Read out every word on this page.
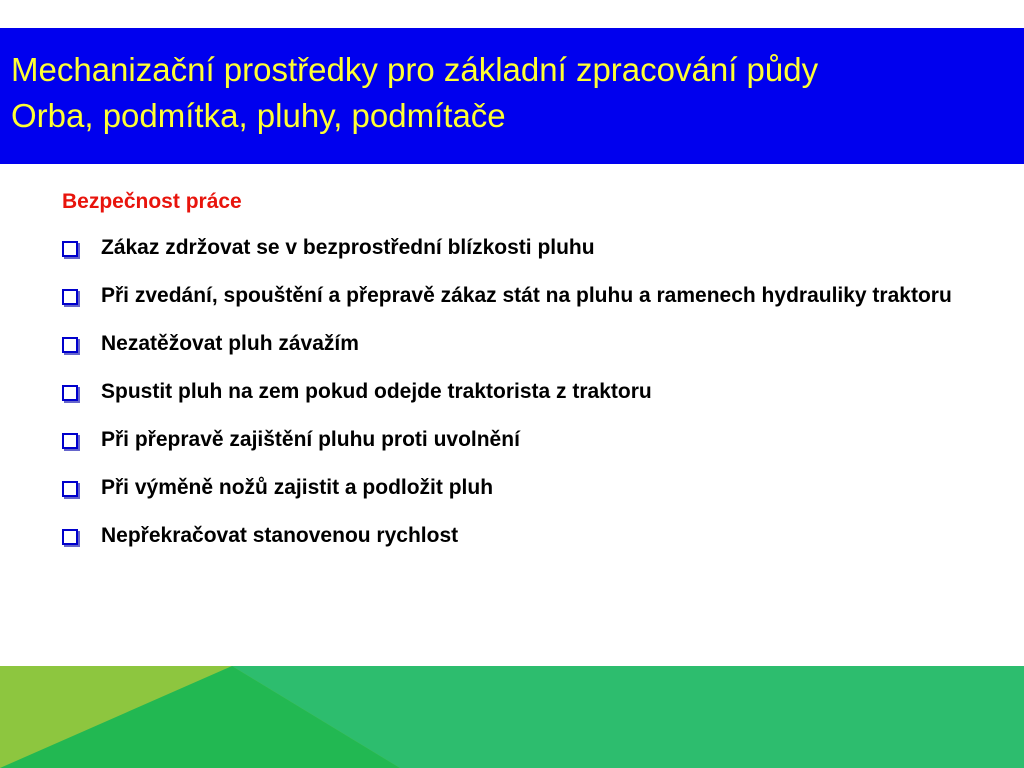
Mechanizační prostředky pro základní zpracování půdy
Orba, podmítka, pluhy, podmítače
Bezpečnost práce
Zákaz zdržovat se v bezprostřední blízkosti pluhu
Při zvedání, spouštění a přepravě zákaz stát na pluhu a ramenech hydrauliky traktoru
Nezatěžovat pluh závažím
Spustit pluh na zem pokud odejde traktorista z traktoru
Při přepravě zajištění pluhu proti uvolnění
Při výměně nožů zajistit a podložit pluh
Nepřekračovat stanovenou rychlost
